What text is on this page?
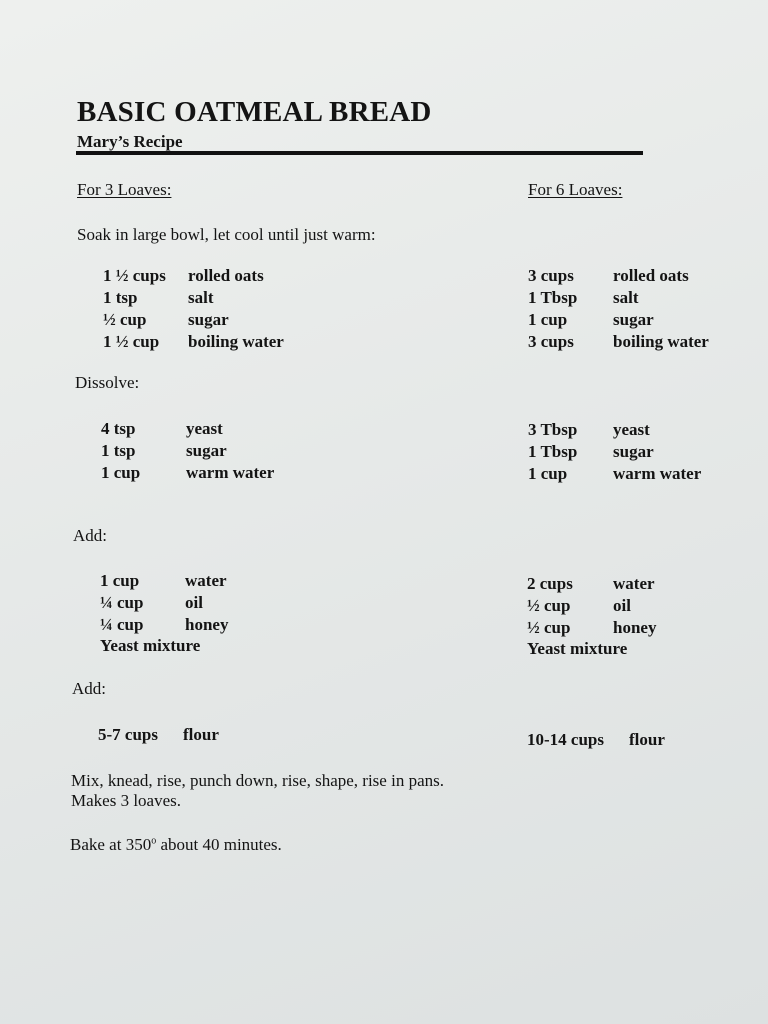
BASIC OATMEAL BREAD
Mary’s Recipe
For 3 Loaves:	For 6 Loaves:
Soak in large bowl, let cool until just warm:
1 ½ cups rolled oats
1 tsp	salt
½ cup sugar
1 ½ cup boiling water
3 cups rolled oats
1 Tbsp salt
1 cup	sugar
3 cups boiling water
Dissolve:
4 tsp	yeast
1 tsp	sugar
1 cup	warm water
3 Tbsp yeast
1 Tbsp sugar
1 cup	warm water
Add:
1 cup	water
¼ cup oil
¼ cup honey
Yeast mixture
2 cups water
½ cup	oil
½ cup	honey
Yeast mixture
Add:
5-7 cups flour	10-14 cups flour
Mix, knead, rise, punch down, rise, shape, rise in pans.
Makes 3 loaves.
Bake at 350$^o$ about 40 minutes.
